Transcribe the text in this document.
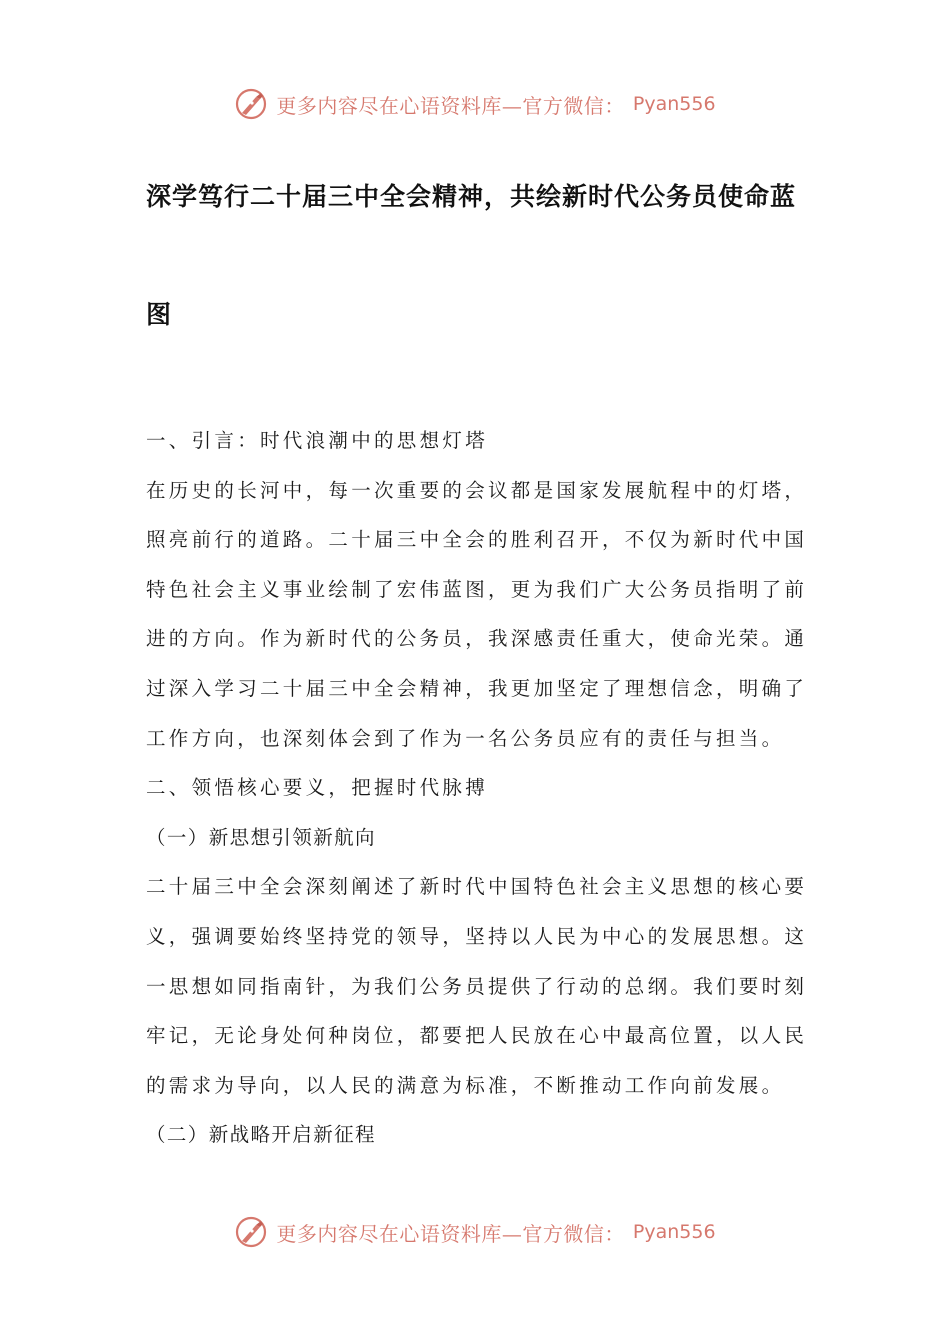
更多内容尽在心语资料库—官方微信： Pyan556
深学笃行二十届三中全会精神，共绘新时代公务员使命蓝
图
一、引言：时代浪潮中的思想灯塔
在历史的长河中，每一次重要的会议都是国家发展航程中的灯塔，
照亮前行的道路。二十届三中全会的胜利召开，不仅为新时代中国
特色社会主义事业绘制了宏伟蓝图，更为我们广大公务员指明了前
进的方向。作为新时代的公务员，我深感责任重大，使命光荣。通
过深入学习二十届三中全会精神，我更加坚定了理想信念，明确了
工作方向，也深刻体会到了作为一名公务员应有的责任与担当。
二、领悟核心要义，把握时代脉搏
（一）新思想引领新航向
二十届三中全会深刻阐述了新时代中国特色社会主义思想的核心要
义，强调要始终坚持党的领导，坚持以人民为中心的发展思想。这
一思想如同指南针，为我们公务员提供了行动的总纲。我们要时刻
牢记，无论身处何种岗位，都要把人民放在心中最高位置，以人民
的需求为导向，以人民的满意为标准，不断推动工作向前发展。
（二）新战略开启新征程
更多内容尽在心语资料库—官方微信： Pyan556
